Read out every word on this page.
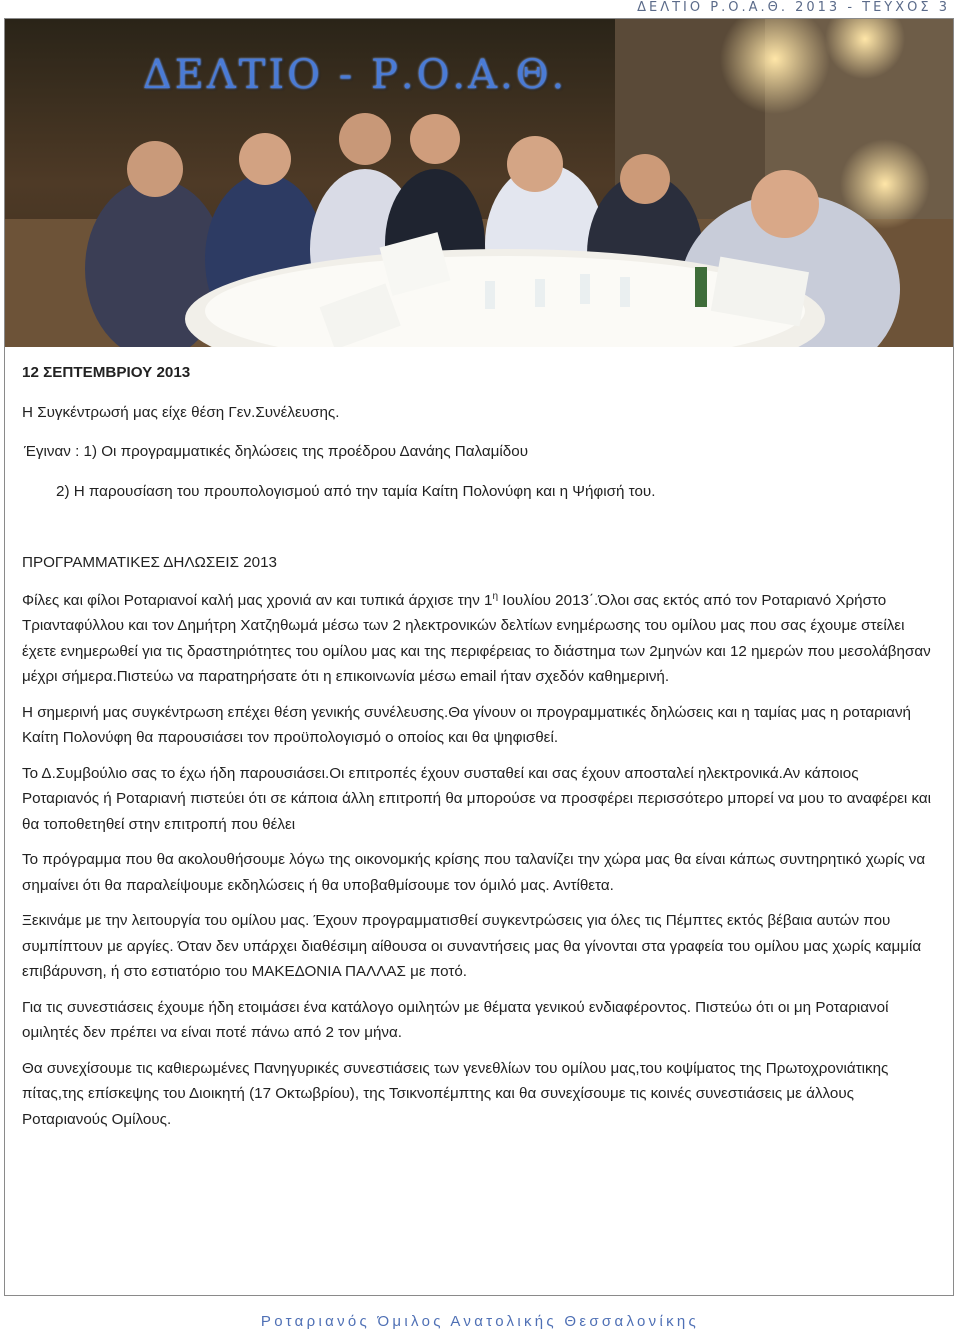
ΔΕΛΤΙΟ Ρ.Ο.Α.Θ. 2013 - ΤΕΥΧΟΣ 3
ΔΕΛΤΙΟ - Ρ.Ο.Α.Θ.

12 ΣΕΠΤΕΜΒΡΙΟΥ 2013

Η Συγκέντρωσή μας είχε θέση Γεν.Συνέλευσης.

Έγιναν : 1) Οι προγραμματικές δηλώσεις της προέδρου Δανάης Παλαμίδου

2) Η παρουσίαση του προυπολογισμού από την ταμία Καίτη Πολονύφη και η Ψήφισή του.

ΠΡΟΓΡΑΜΜΑΤΙΚΕΣ ΔΗΛΩΣΕΙΣ 2013

Φίλες και φίλοι Ροταριανοί καλή μας χρονιά αν και τυπικά άρχισε την $1^\eta$ Ιουλίου 2013΄.Όλοι σας εκτός από τον Ροταριανό Χρήστο Τριανταφύλλου και τον Δημήτρη Χατζηθωμά μέσω των 2 ηλεκτρονικών δελτίων ενημέρωσης του ομίλου μας που σας έχουμε στείλει έχετε ενημερωθεί για τις δραστηριότητες του ομίλου μας και της περιφέρειας το διάστημα των 2μηνών και 12 ημερών που μεσολάβησαν μέχρι σήμερα.Πιστεύω να παρατηρήσατε ότι η επικοινωνία μέσω email ήταν σχεδόν καθημερινή.

Η σημερινή μας συγκέντρωση επέχει θέση γενικής συνέλευσης.Θα γίνουν οι προγραμματικές δηλώσεις και η ταμίας μας η ροταριανή Καίτη Πολονύφη θα παρουσιάσει τον προϋπολογισμό ο οποίος και θα ψηφισθεί.

Το Δ.Συμβούλιο σας το έχω ήδη παρουσιάσει.Οι επιτροπές έχουν συσταθεί και σας έχουν αποσταλεί ηλεκτρονικά.Αν κάποιος Ροταριανός ή Ροταριανή πιστεύει ότι σε κάποια άλλη επιτροπή θα μπορούσε να προσφέρει περισσότερο μπορεί να μου το αναφέρει και θα τοποθετηθεί στην επιτροπή που θέλει

Το πρόγραμμα που θα ακολουθήσουμε λόγω της οικονομκής κρίσης που ταλανίζει την χώρα μας θα είναι κάπως συντηρητικό χωρίς να σημαίνει ότι θα παραλείψουμε εκδηλώσεις ή θα υποβαθμίσουμε τον όμιλό μας. Αντίθετα.

Ξεκινάμε με την λειτουργία του ομίλου μας. Έχουν προγραμματισθεί συγκεντρώσεις για όλες τις Πέμπτες εκτός βέβαια αυτών που συμπίπτουν με αργίες. Όταν δεν υπάρχει διαθέσιμη αίθουσα οι συναντήσεις μας θα γίνονται στα γραφεία του ομίλου μας χωρίς καμμία επιβάρυνση, ή στο εστιατόριο του ΜΑΚΕΔΟΝΙΑ ΠΑΛΛΑΣ με ποτό.

Για τις συνεστιάσεις έχουμε ήδη ετοιμάσει ένα κατάλογο ομιλητών με θέματα γενικού ενδιαφέροντος. Πιστεύω ότι οι μη Ροταριανοί ομιλητές δεν πρέπει να είναι ποτέ πάνω από 2 τον μήνα.

Θα συνεχίσουμε τις καθιερωμένες Πανηγυρικές συνεστιάσεις των γενεθλίων του ομίλου μας,του κοψίματος της Πρωτοχρονιάτικης πίτας,της επίσκεψης του Διοικητή (17 Οκτωβρίου), της Τσικνοπέμπτης και θα συνεχίσουμε τις κοινές συνεστιάσεις με άλλους Ροταριανούς Ομίλους.

Ροταριανός Όμιλος Ανατολικής Θεσσαλονίκης
